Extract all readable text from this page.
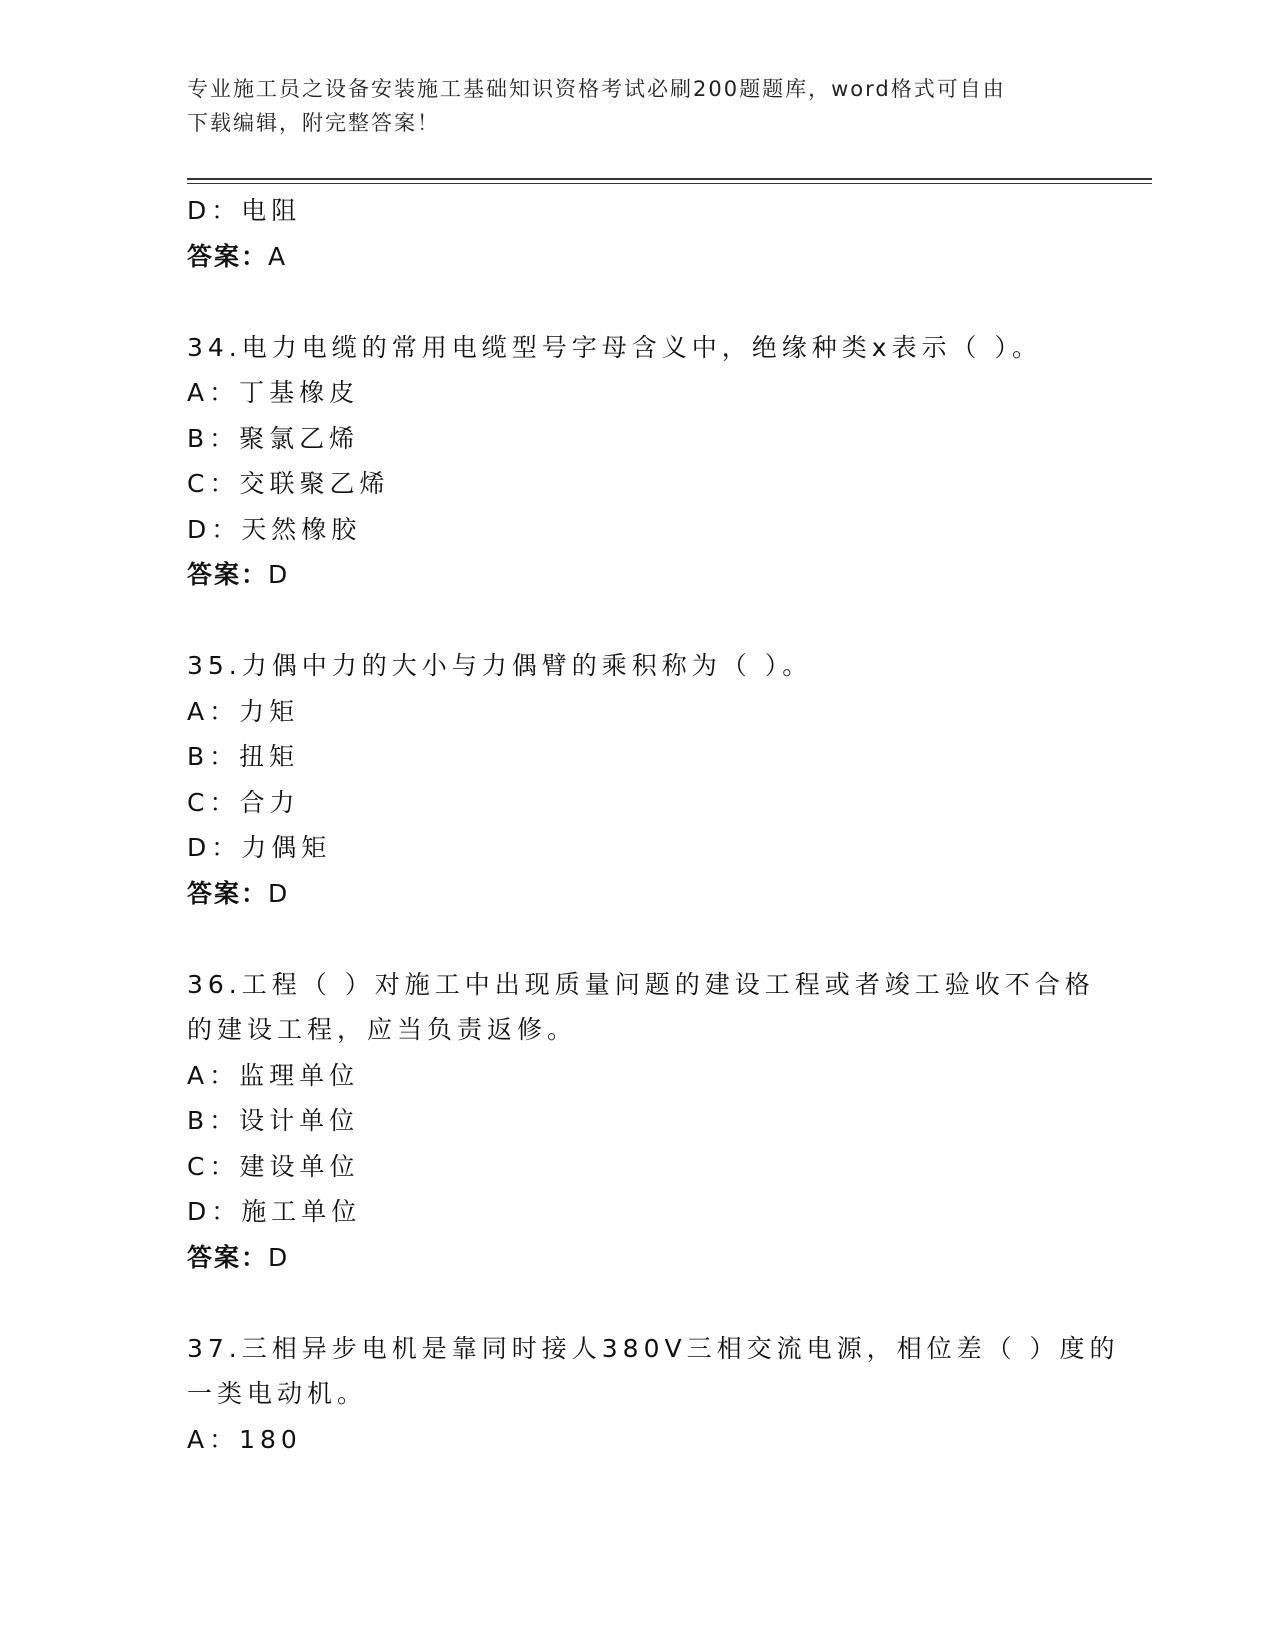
专业施工员之设备安装施工基础知识资格考试必刷200题题库，word格式可自由
下载编辑，附完整答案！

D：电阻

答案：A

34.电力电缆的常用电缆型号字母含义中，绝缘种类x表示（ ）。

A：丁基橡皮

B：聚氯乙烯

C：交联聚乙烯

D：天然橡胶

答案：D

35.力偶中力的大小与力偶臂的乘积称为（ ）。

A：力矩

B：扭矩

C：合力

D：力偶矩

答案：D

36.工程（ ）对施工中出现质量问题的建设工程或者竣工验收不合格

的建设工程，应当负责返修。

A：监理单位

B：设计单位

C：建设单位

D：施工单位

答案：D

37.三相异步电机是靠同时接人380V三相交流电源，相位差（ ）度的

一类电动机。

A：180
